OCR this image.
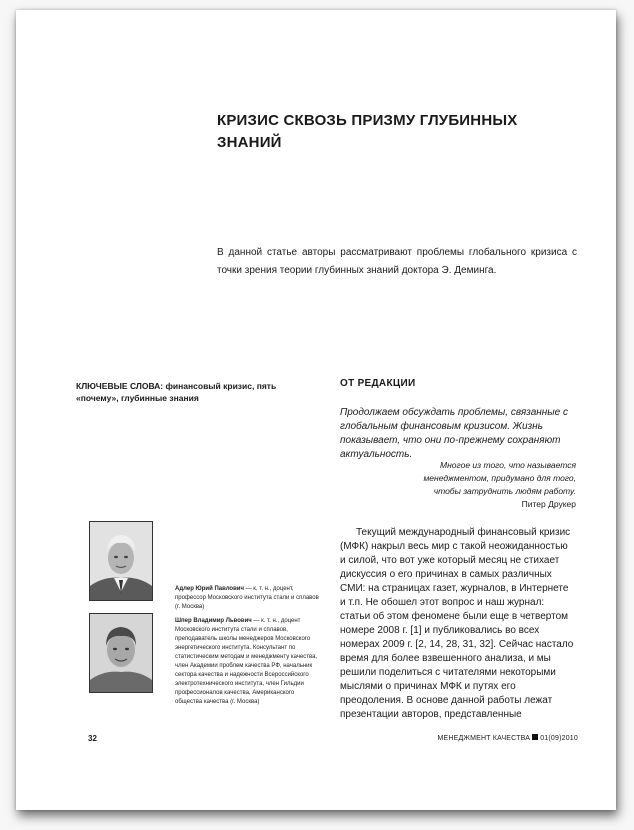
КРИЗИС СКВОЗЬ ПРИЗМУ ГЛУБИННЫХ ЗНАНИЙ
В данной статье авторы рассматривают проблемы глобального кризиса с точки зрения теории глубинных знаний доктора Э. Деминга.
КЛЮЧЕВЫЕ СЛОВА: финансовый кризис, пять «почему», глубинные знания
ОТ РЕДАКЦИИ
Продолжаем обсуждать проблемы, связанные с глобальным финансовым кризисом. Жизнь показывает, что они по-прежнему сохраняют актуальность.
Многое из того, что называется менеджментом, придумано для того, чтобы затруднить людям работу.
Питер Друкер

Текущий международный финансовый кризис (МФК) накрыл весь мир с такой неожиданностью и силой, что вот уже который месяц не стихает дискуссия о его причинах в самых различных СМИ: на страницах газет, журналов, в Интернете и т.п. Не обошел этот вопрос и наш журнал: статьи об этом феномене были еще в четвертом номере 2008 г. [1] и публиковались во всех номерах 2009 г. [2, 14, 28, 31, 32]. Сейчас настало время для более взвешенного анализа, и мы решили поделиться с читателями некоторыми мыслями о причинах МФК и путях его преодоления. В основе данной работы лежат презентации авторов, представленные

Адлер Юрий Павлович — к. т. н., доцент, профессор Московского института стали и сплавов (г. Москва)
Шпер Владимир Львович — к. т. н., доцент Московского института стали и сплавов, преподаватель школы менеджеров Московского энергетического института. Консультант по статистическим методам и менеджменту качества, член Академии проблем качества РФ, начальник сектора качества и надежности Всероссийского электротехнического института, член Гильдии профессионалов качества, Американского общества качества (г. Москва)
32	МЕНЕДЖМЕНТ КАЧЕСТВА 01(09)2010
